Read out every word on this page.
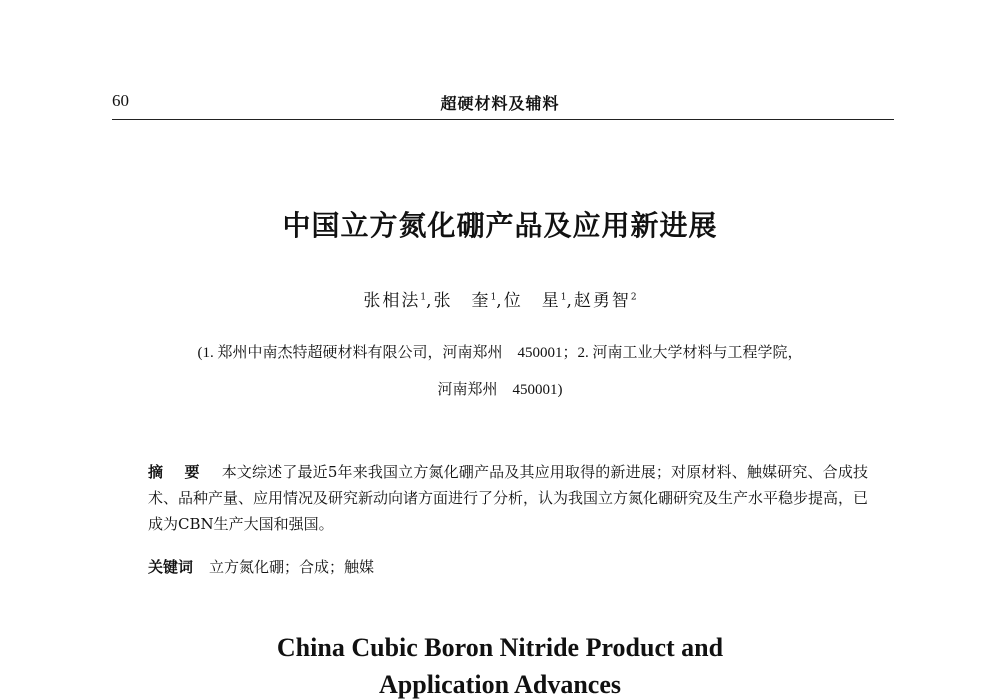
60	超硬材料及辅料
中国立方氮化硼产品及应用新进展
张相法$^1$,张　奎$^1$,位　星$^1$,赵勇智$^2$
(1. 郑州中南杰特超硬材料有限公司，河南郑州　450001；2. 河南工业大学材料与工程学院，
河南郑州　450001)
摘 要 本文综述了最近5年来我国立方氮化硼产品及其应用取得的新进展；对原材料、触媒研究、合成技术、品种产量、应用情况及研究新动向诸方面进行了分析，认为我国立方氮化硼研究及生产水平稳步提高，已成为CBN生产大国和强国。
关键词 立方氮化硼；合成；触媒
China Cubic Boron Nitride Product and
Application Advances
